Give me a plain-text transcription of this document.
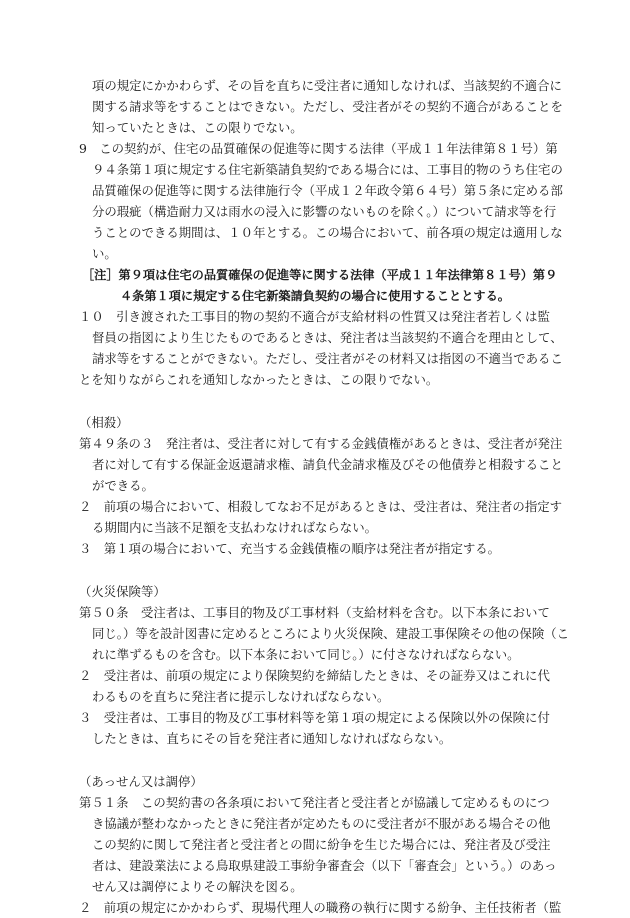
項の規定にかかわらず、その旨を直ちに受注者に通知しなければ、当該契約不適合に
関する請求等をすることはできない。ただし、受注者がその契約不適合があることを
知っていたときは、この限りでない。
9　この契約が、住宅の品質確保の促進等に関する法律（平成１１年法律第８１号）第
９４条第１項に規定する住宅新築請負契約である場合には、工事目的物のうち住宅の
品質確保の促進等に関する法律施行令（平成１２年政令第６４号）第５条に定める部
分の瑕疵（構造耐力又は雨水の浸入に影響のないものを除く。）について請求等を行
うことのできる期間は、１０年とする。この場合において、前各項の規定は適用しな
い。
［注］第９項は住宅の品質確保の促進等に関する法律（平成１１年法律第８１号）第９
４条第１項に規定する住宅新築請負契約の場合に使用することとする。
１０　引き渡された工事目的物の契約不適合が支給材料の性質又は発注者若しくは監
督員の指図により生じたものであるときは、発注者は当該契約不適合を理由として、
請求等をすることができない。ただし、受注者がその材料又は指図の不適当であるこ
とを知りながらこれを通知しなかったときは、この限りでない。
（相殺）
第４９条の３　発注者は、受注者に対して有する金銭債権があるときは、受注者が発注
者に対して有する保証金返還請求権、請負代金請求権及びその他債券と相殺すること
ができる。
２　前項の場合において、相殺してなお不足があるときは、受注者は、発注者の指定す
る期間内に当該不足額を支払わなければならない。
３　第１項の場合において、充当する金銭債権の順序は発注者が指定する。
（火災保険等）
第５０条　受注者は、工事目的物及び工事材料（支給材料を含む。以下本条において
同じ。）等を設計図書に定めるところにより火災保険、建設工事保険その他の保険（こ
れに準ずるものを含む。以下本条において同じ。）に付さなければならない。
２　受注者は、前項の規定により保険契約を締結したときは、その証券又はこれに代
わるものを直ちに発注者に提示しなければならない。
３　受注者は、工事目的物及び工事材料等を第１項の規定による保険以外の保険に付
したときは、直ちにその旨を発注者に通知しなければならない。
（あっせん又は調停）
第５１条　この契約書の各条項において発注者と受注者とが協議して定めるものにつ
き協議が整わなかったときに発注者が定めたものに受注者が不服がある場合その他
この契約に関して発注者と受注者との間に紛争を生じた場合には、発注者及び受注
者は、建設業法による鳥取県建設工事紛争審査会（以下「審査会」という。）のあっ
せん又は調停によりその解決を図る。
２　前項の規定にかかわらず、現場代理人の職務の執行に関する紛争、主任技術者（監
